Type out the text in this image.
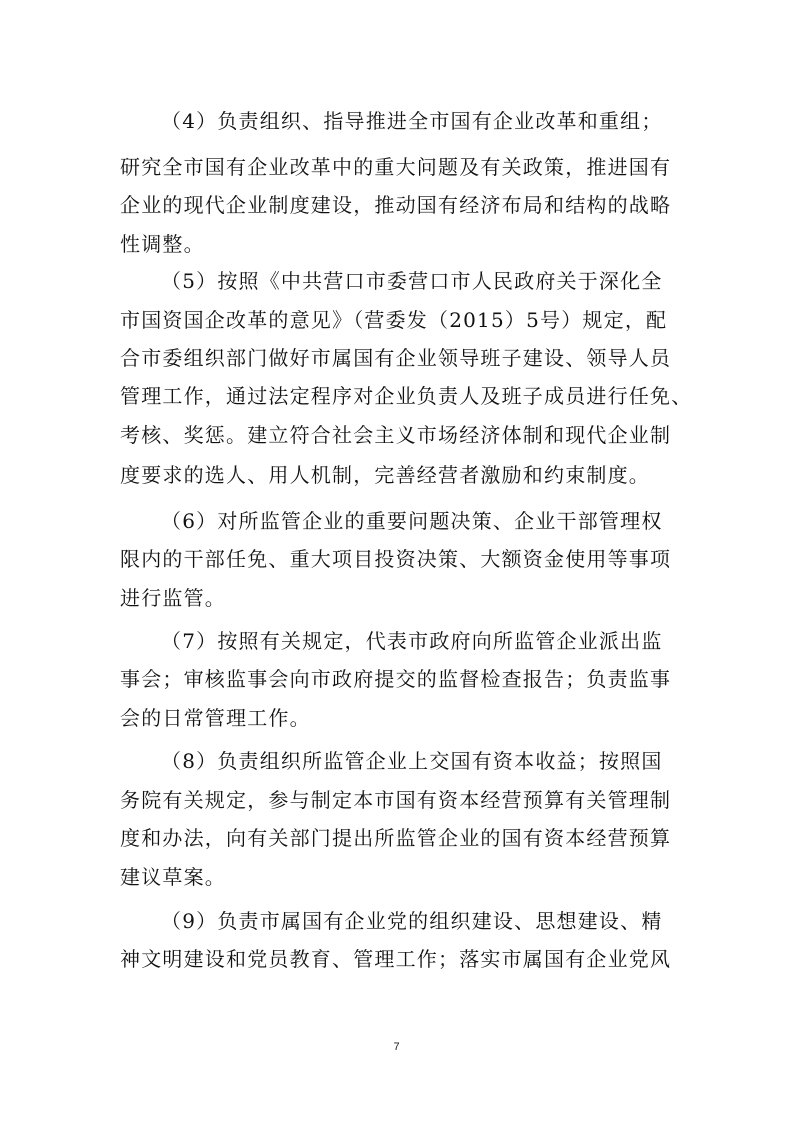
（4）负责组织、指导推进全市国有企业改革和重组；
研究全市国有企业改革中的重大问题及有关政策，推进国有
企业的现代企业制度建设，推动国有经济布局和结构的战略
性调整。
（5）按照《中共营口市委营口市人民政府关于深化全
市国资国企改革的意见》（营委发（2015）5号）规定，配
合市委组织部门做好市属国有企业领导班子建设、领导人员
管理工作，通过法定程序对企业负责人及班子成员进行任免、
考核、奖惩。建立符合社会主义市场经济体制和现代企业制
度要求的选人、用人机制，完善经营者激励和约束制度。
（6）对所监管企业的重要问题决策、企业干部管理权
限内的干部任免、重大项目投资决策、大额资金使用等事项
进行监管。
（7）按照有关规定，代表市政府向所监管企业派出监
事会；审核监事会向市政府提交的监督检查报告；负责监事
会的日常管理工作。
（8）负责组织所监管企业上交国有资本收益；按照国
务院有关规定，参与制定本市国有资本经营预算有关管理制
度和办法，向有关部门提出所监管企业的国有资本经营预算
建议草案。
（9）负责市属国有企业党的组织建设、思想建设、精
神文明建设和党员教育、管理工作；落实市属国有企业党风
7
